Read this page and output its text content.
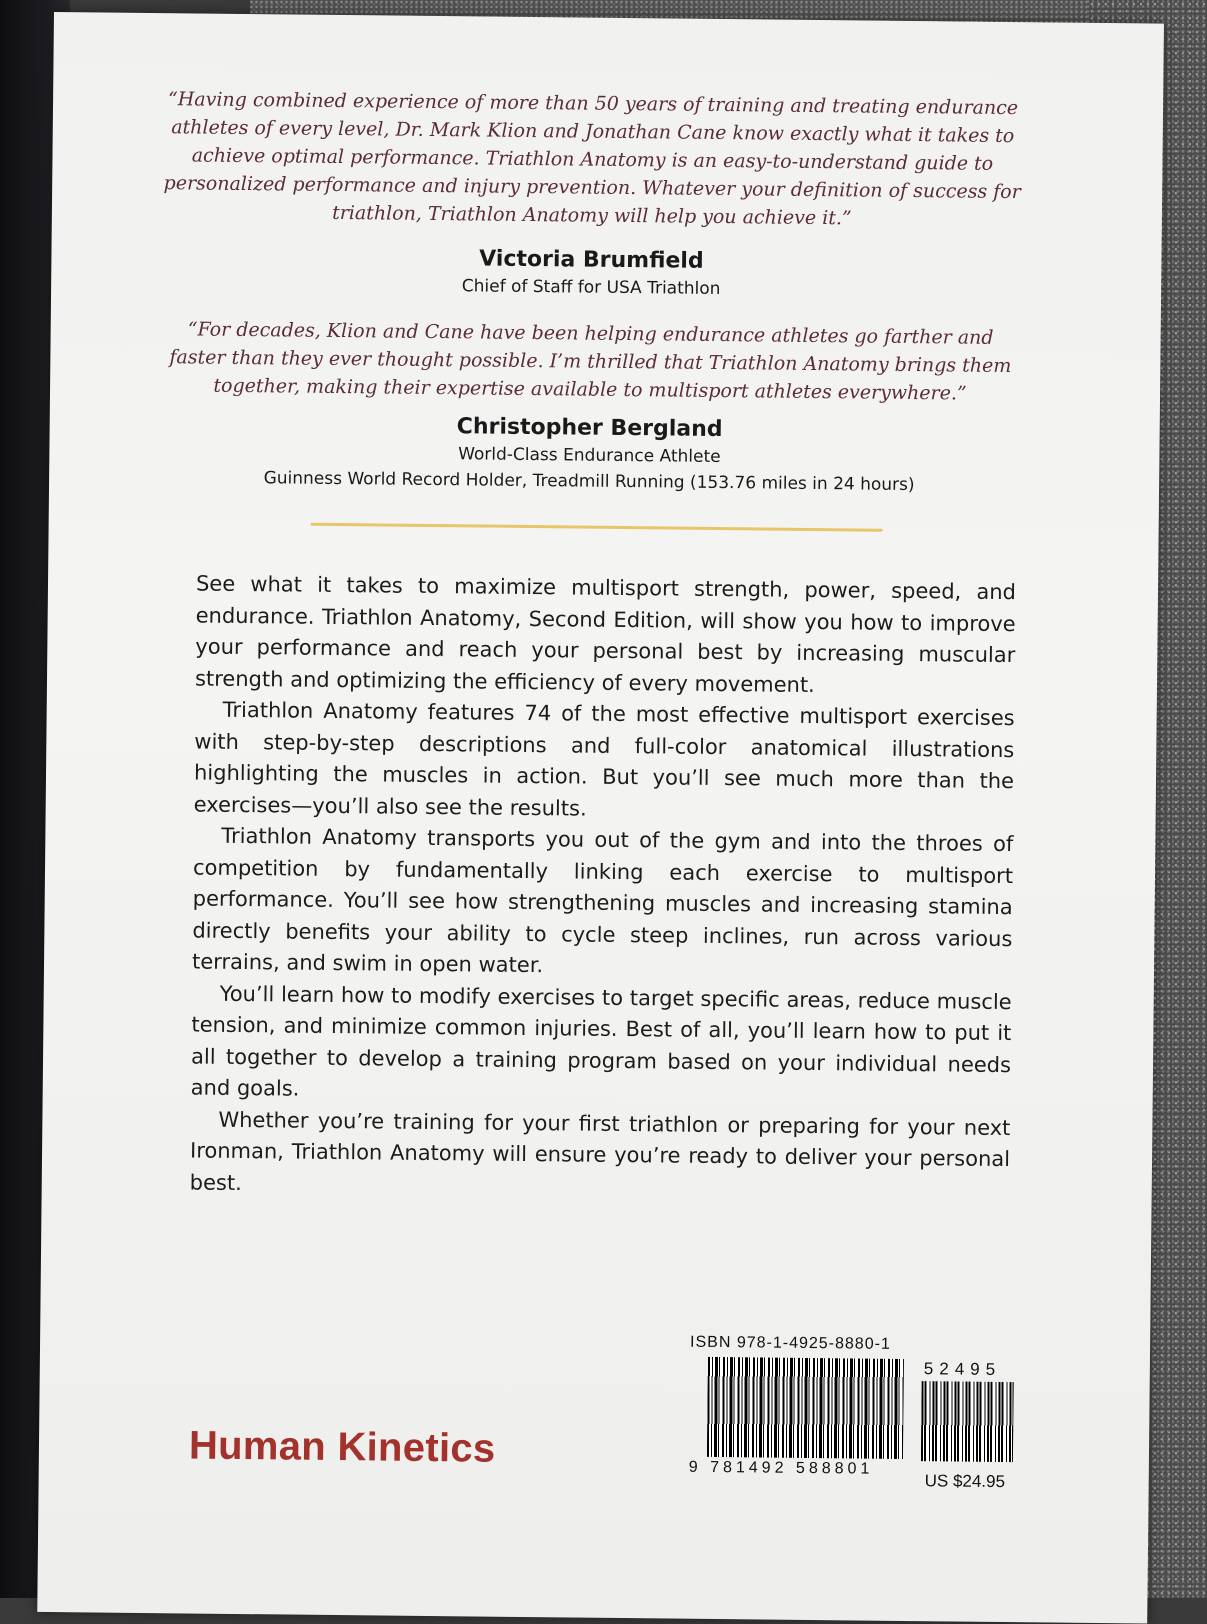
“Having combined experience of more than 50 years of training and treating endurance athletes of every level, Dr. Mark Klion and Jonathan Cane know exactly what it takes to achieve optimal performance. Triathlon Anatomy is an easy-to-understand guide to personalized performance and injury prevention. Whatever your definition of success for triathlon, Triathlon Anatomy will help you achieve it.”
Victoria Brumfield
Chief of Staff for USA Triathlon
“For decades, Klion and Cane have been helping endurance athletes go farther and faster than they ever thought possible. I’m thrilled that Triathlon Anatomy brings them together, making their expertise available to multisport athletes everywhere.”
Christopher Bergland
World-Class Endurance Athlete
Guinness World Record Holder, Treadmill Running (153.76 miles in 24 hours)

See what it takes to maximize multisport strength, power, speed, and endurance. Triathlon Anatomy, Second Edition, will show you how to improve your performance and reach your personal best by increasing muscular strength and optimizing the efficiency of every movement.

Triathlon Anatomy features 74 of the most effective multisport exercises with step-by-step descriptions and full-color anatomical illustrations highlighting the muscles in action. But you’ll see much more than the exercises—you’ll also see the results.

Triathlon Anatomy transports you out of the gym and into the throes of competition by fundamentally linking each exercise to multisport performance. You’ll see how strengthening muscles and increasing stamina directly benefits your ability to cycle steep inclines, run across various terrains, and swim in open water.

You’ll learn how to modify exercises to target specific areas, reduce muscle tension, and minimize common injuries. Best of all, you’ll learn how to put it all together to develop a training program based on your individual needs and goals.

Whether you’re training for your first triathlon or preparing for your next Ironman, Triathlon Anatomy will ensure you’re ready to deliver your personal best.

Human Kinetics
ISBN 978-1-4925-8880-1
9 781492 588801
52495
US $24.95
